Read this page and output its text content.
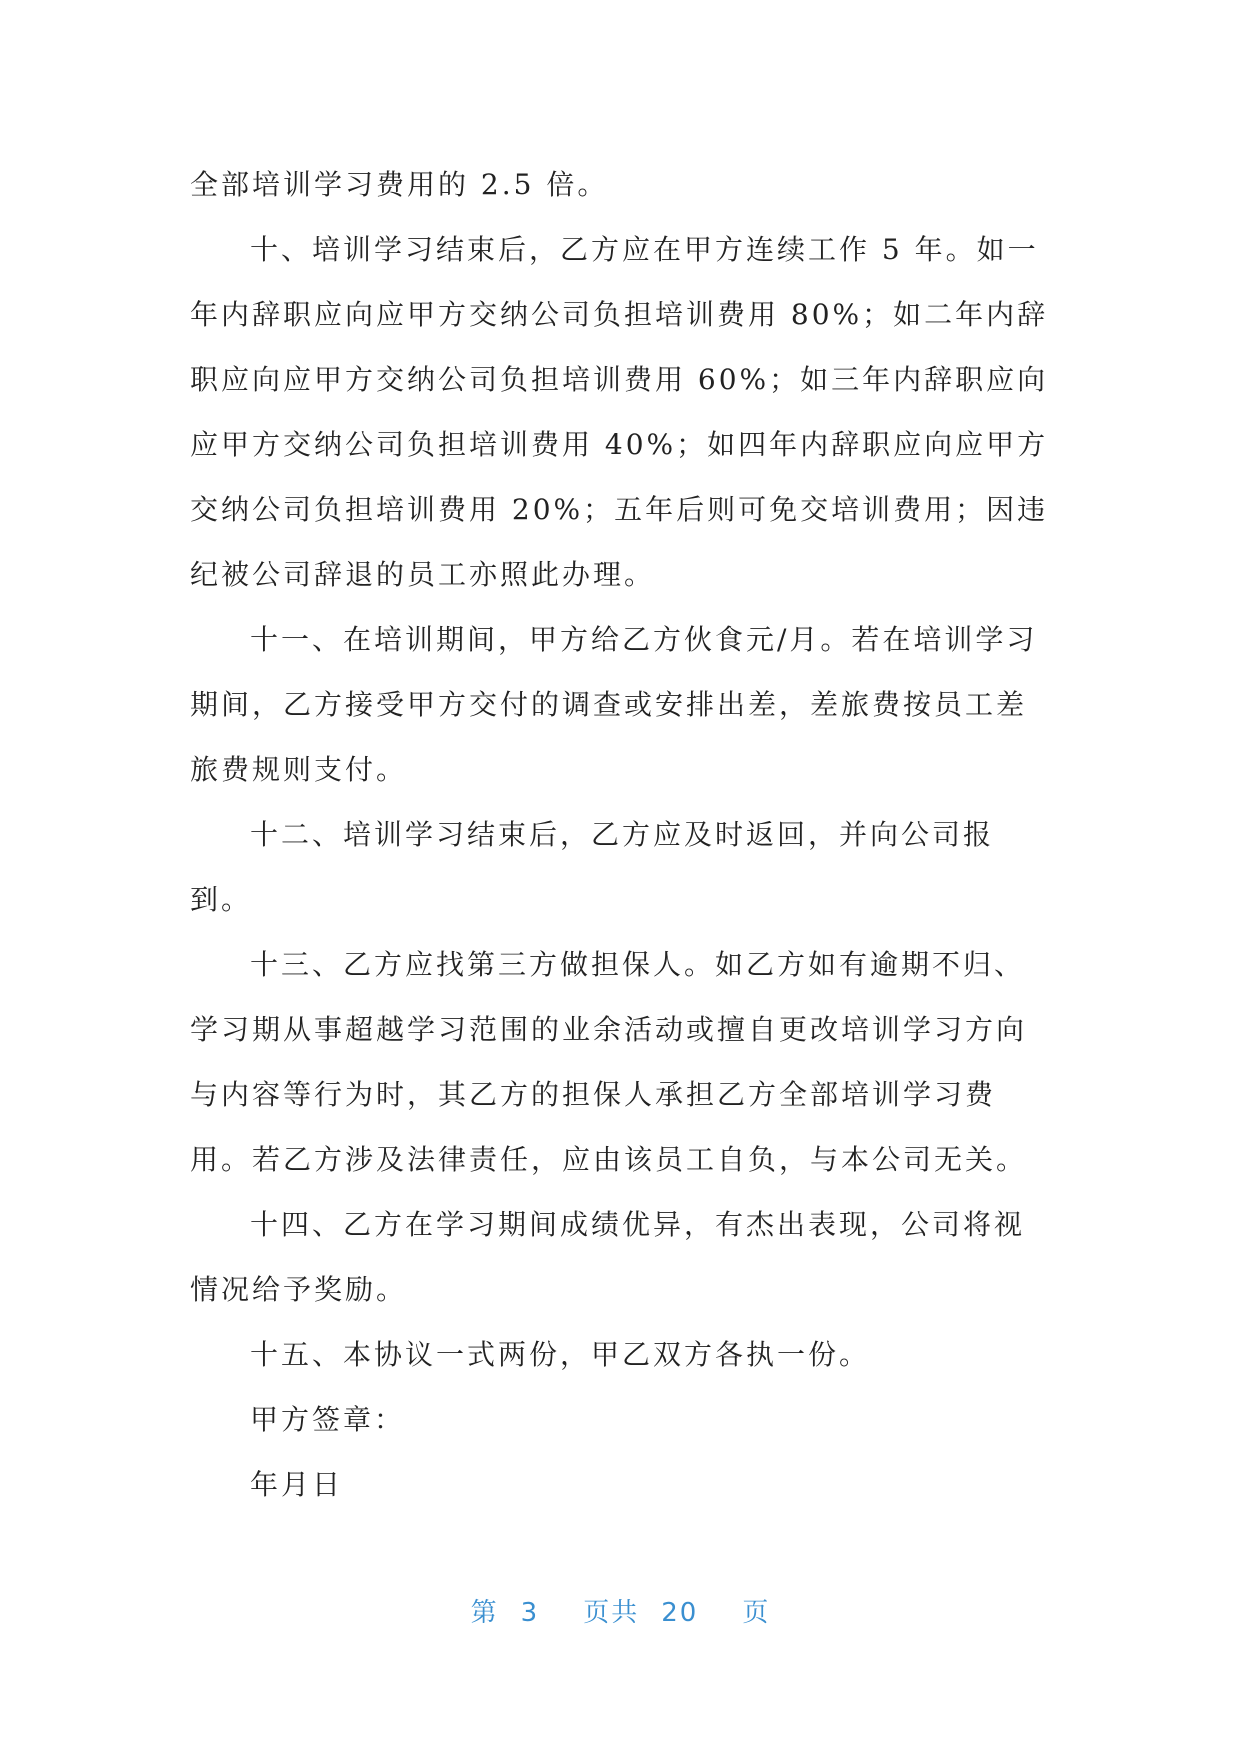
全部培训学习费用的 2.5 倍。
十、培训学习结束后，乙方应在甲方连续工作 5 年。如一
年内辞职应向应甲方交纳公司负担培训费用 80%；如二年内辞
职应向应甲方交纳公司负担培训费用 60%；如三年内辞职应向
应甲方交纳公司负担培训费用 40%；如四年内辞职应向应甲方
交纳公司负担培训费用 20%；五年后则可免交培训费用；因违
纪被公司辞退的员工亦照此办理。
十一、在培训期间，甲方给乙方伙食元/月。若在培训学习
期间，乙方接受甲方交付的调查或安排出差，差旅费按员工差
旅费规则支付。
十二、培训学习结束后，乙方应及时返回，并向公司报
到。
十三、乙方应找第三方做担保人。如乙方如有逾期不归、
学习期从事超越学习范围的业余活动或擅自更改培训学习方向
与内容等行为时，其乙方的担保人承担乙方全部培训学习费
用。若乙方涉及法律责任，应由该员工自负，与本公司无关。
十四、乙方在学习期间成绩优异，有杰出表现，公司将视
情况给予奖励。
十五、本协议一式两份，甲乙双方各执一份。
甲方签章：
年月日
第 3 页共 20 页
